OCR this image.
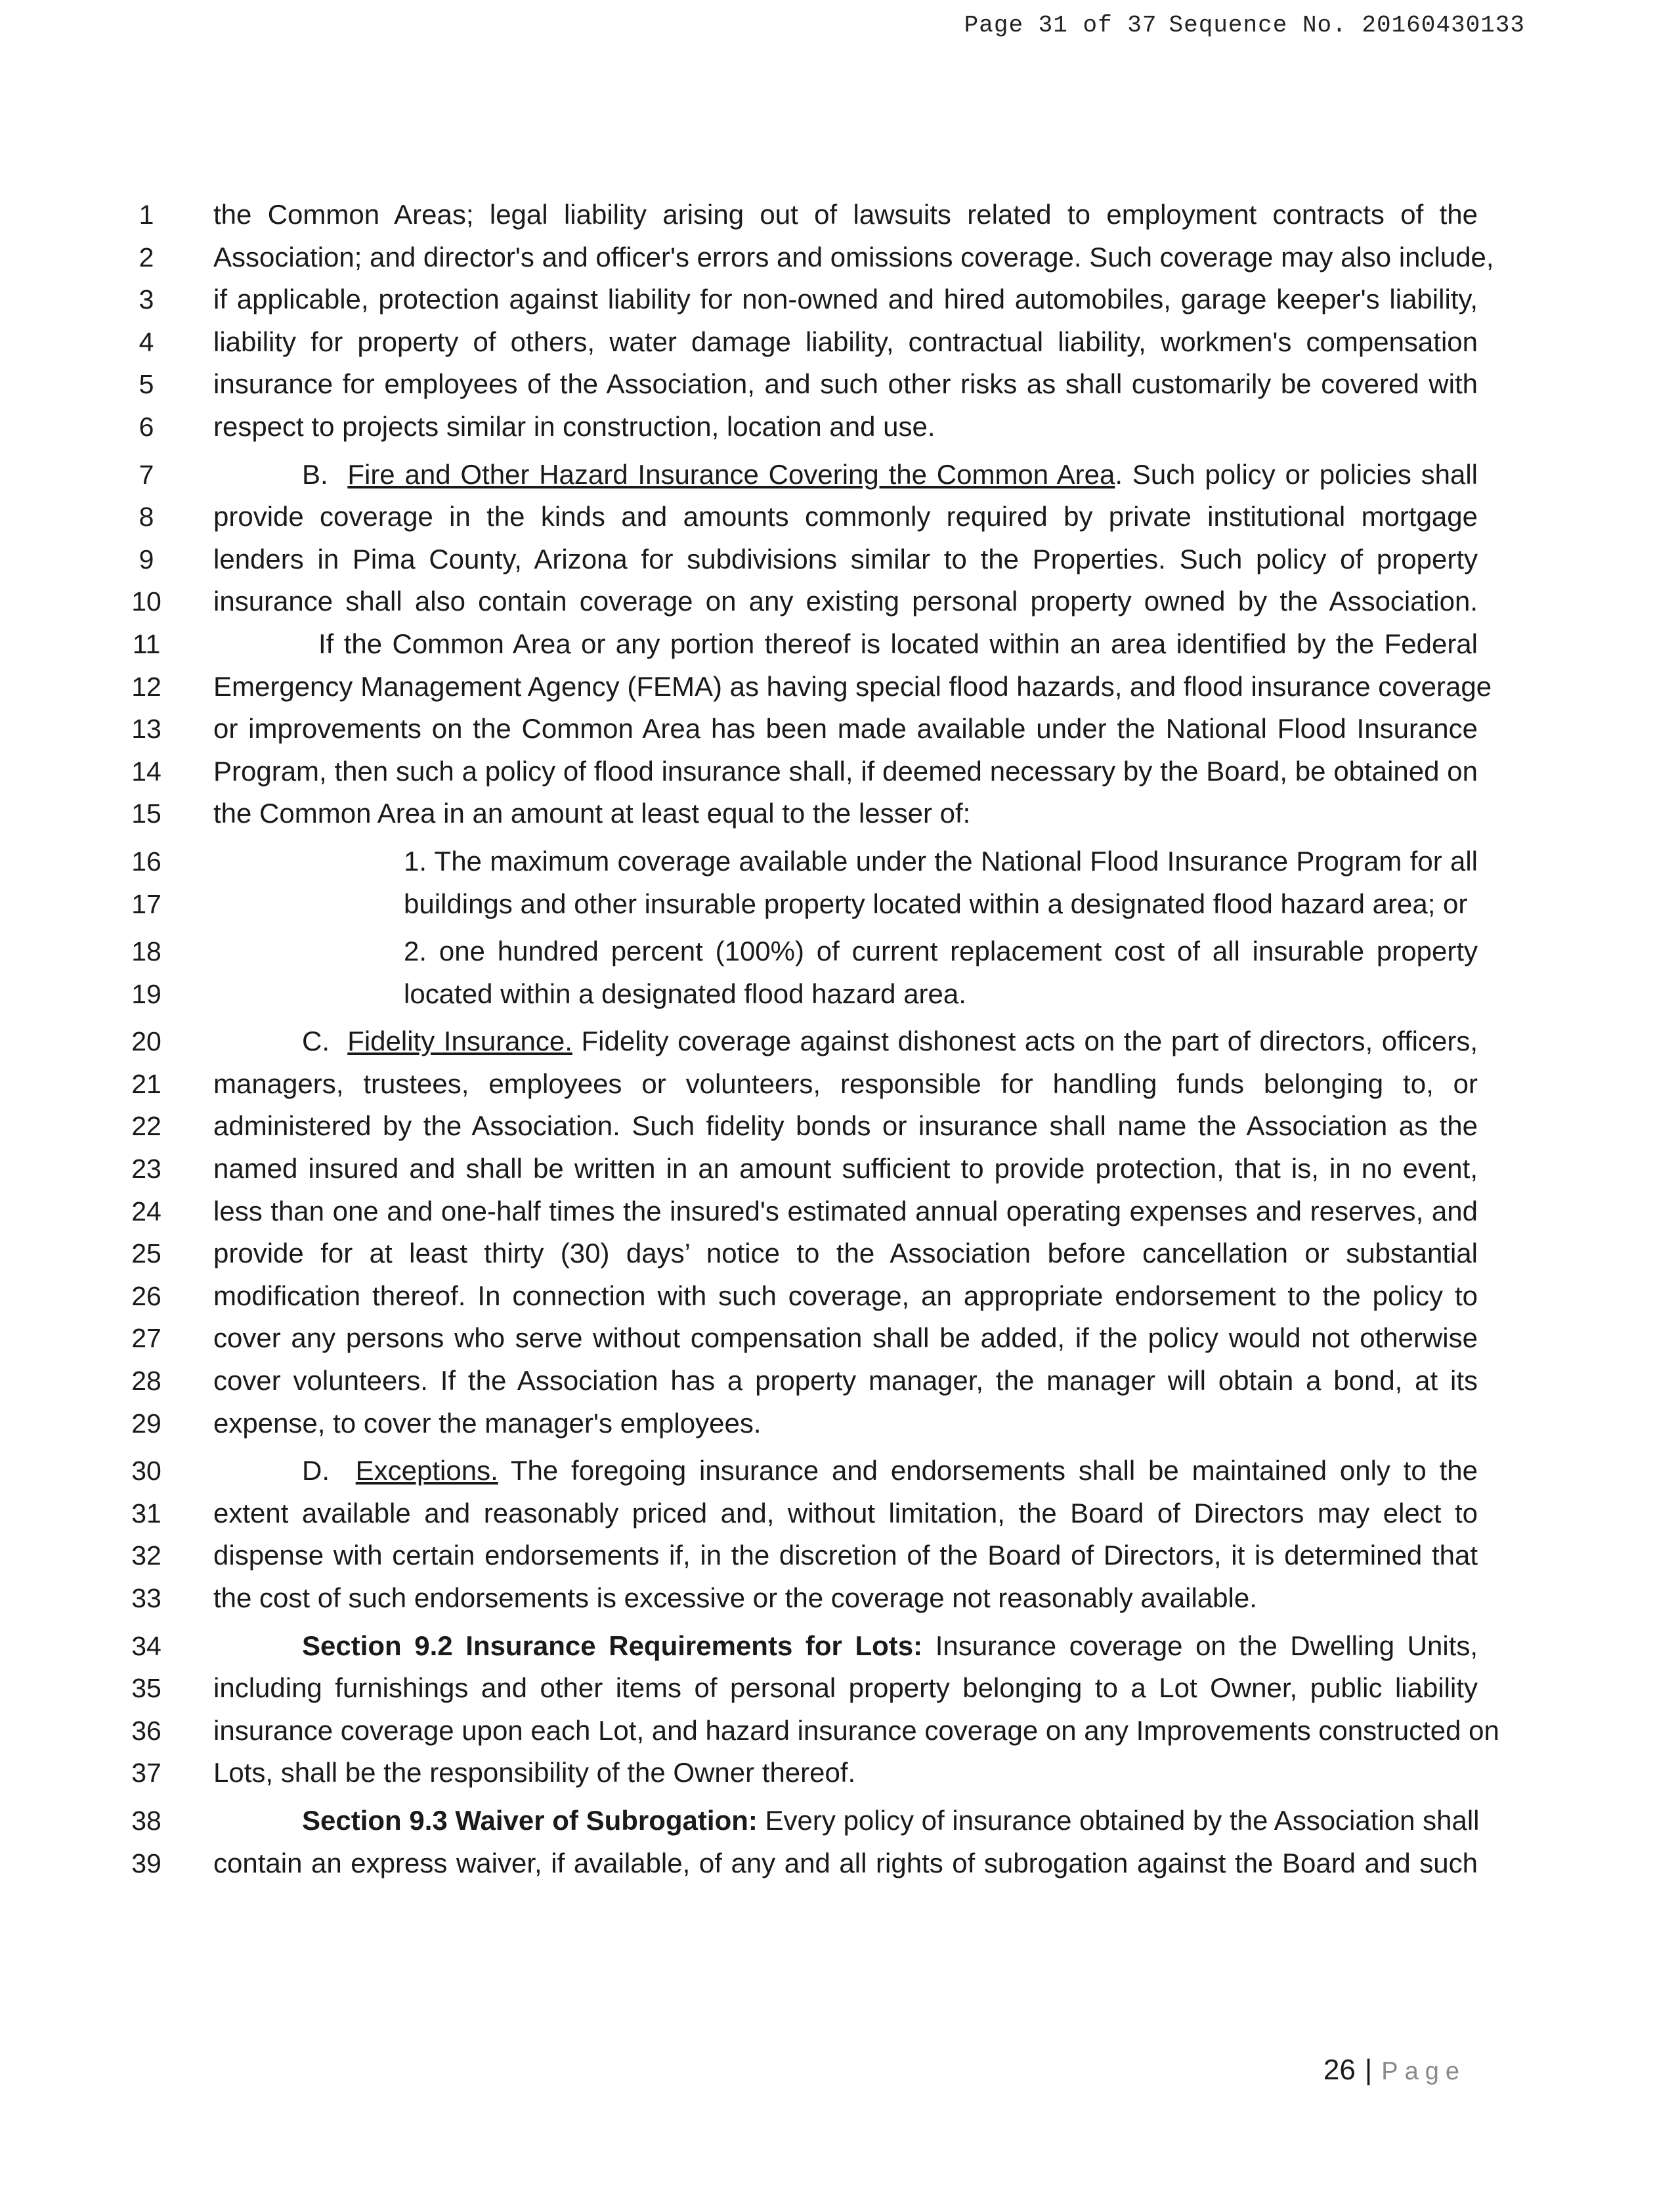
Page 31 of 37 Sequence No. 20160430133
1	the Common Areas; legal liability arising out of lawsuits related to employment contracts of the
2	Association; and director's and officer's errors and omissions coverage. Such coverage may also include,
3	if applicable, protection against liability for non-owned and hired automobiles, garage keeper's liability,
4	liability for property of others, water damage liability, contractual liability, workmen's compensation
5	insurance for employees of the Association, and such other risks as shall customarily be covered with
6	respect to projects similar in construction, location and use.
7	B. Fire and Other Hazard Insurance Covering the Common Area. Such policy or policies shall
8	provide coverage in the kinds and amounts commonly required by private institutional mortgage
9	lenders in Pima County, Arizona for subdivisions similar to the Properties. Such policy of property
10	insurance shall also contain coverage on any existing personal property owned by the Association.
11	If the Common Area or any portion thereof is located within an area identified by the Federal
12	Emergency Management Agency (FEMA) as having special flood hazards, and flood insurance coverage
13	or improvements on the Common Area has been made available under the National Flood Insurance
14	Program, then such a policy of flood insurance shall, if deemed necessary by the Board, be obtained on
15	the Common Area in an amount at least equal to the lesser of:
16	1. The maximum coverage available under the National Flood Insurance Program for all
17	buildings and other insurable property located within a designated flood hazard area; or
18	2. one hundred percent (100%) of current replacement cost of all insurable property
19	located within a designated flood hazard area.
20	C. Fidelity Insurance. Fidelity coverage against dishonest acts on the part of directors, officers,
21	managers, trustees, employees or volunteers, responsible for handling funds belonging to, or
22	administered by the Association. Such fidelity bonds or insurance shall name the Association as the
23	named insured and shall be written in an amount sufficient to provide protection, that is, in no event,
24	less than one and one-half times the insured's estimated annual operating expenses and reserves, and
25	provide for at least thirty (30) days’ notice to the Association before cancellation or substantial
26	modification thereof. In connection with such coverage, an appropriate endorsement to the policy to
27	cover any persons who serve without compensation shall be added, if the policy would not otherwise
28	cover volunteers. If the Association has a property manager, the manager will obtain a bond, at its
29	expense, to cover the manager's employees.
30	D. Exceptions. The foregoing insurance and endorsements shall be maintained only to the
31	extent available and reasonably priced and, without limitation, the Board of Directors may elect to
32	dispense with certain endorsements if, in the discretion of the Board of Directors, it is determined that
33	the cost of such endorsements is excessive or the coverage not reasonably available.
34	Section 9.2 Insurance Requirements for Lots: Insurance coverage on the Dwelling Units,
35	including furnishings and other items of personal property belonging to a Lot Owner, public liability
36	insurance coverage upon each Lot, and hazard insurance coverage on any Improvements constructed on
37	Lots, shall be the responsibility of the Owner thereof.
38	Section 9.3 Waiver of Subrogation: Every policy of insurance obtained by the Association shall
39	contain an express waiver, if available, of any and all rights of subrogation against the Board and such
26 | Page
